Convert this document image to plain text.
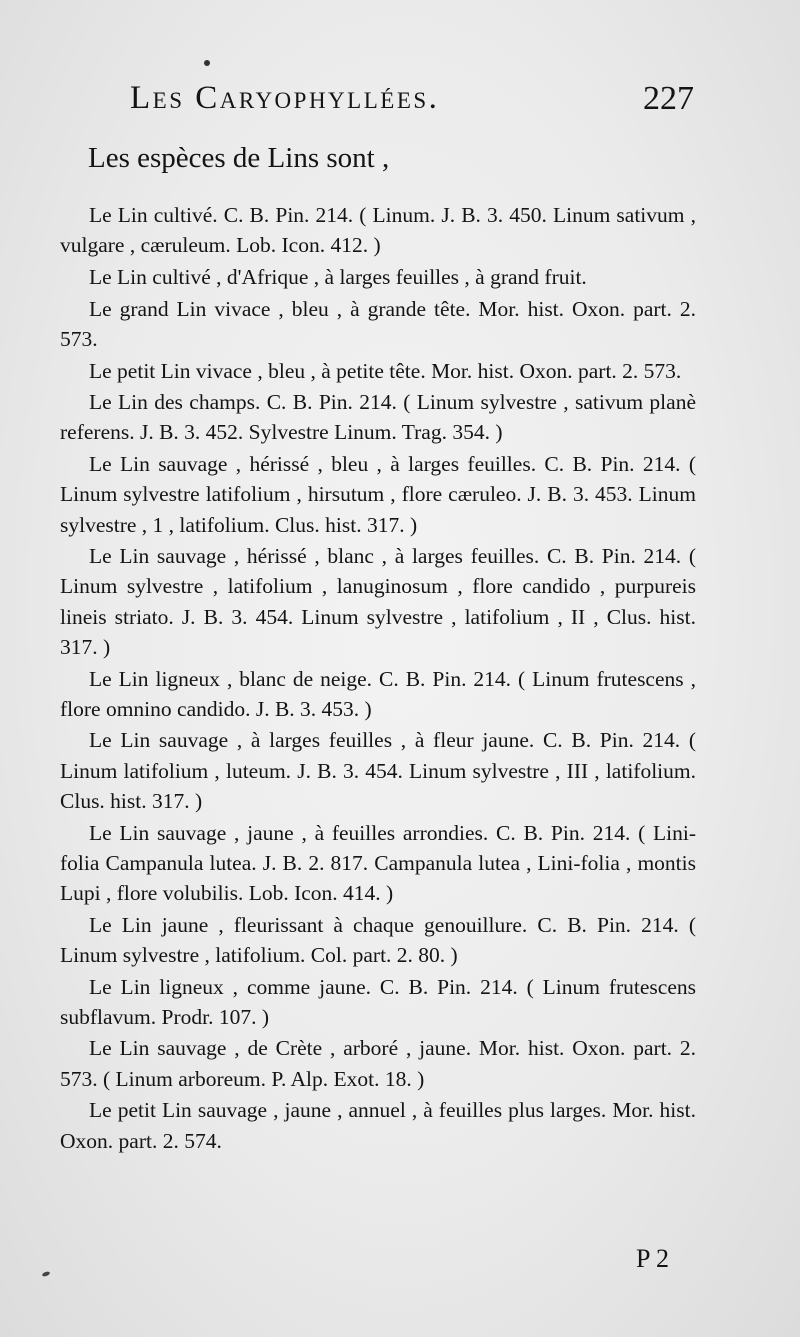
Les Caryophyllées.	227
Les espèces de Lins sont ,

Le Lin cultivé. C. B. Pin. 214. ( Linum. J. B. 3. 450. Linum sativum , vulgare , cæruleum. Lob. Icon. 412. )

Le Lin cultivé , d'Afrique , à larges feuilles , à grand fruit.

Le grand Lin vivace , bleu , à grande tête. Mor. hist. Oxon. part. 2. 573.

Le petit Lin vivace , bleu , à petite tête. Mor. hist. Oxon. part. 2. 573.

Le Lin des champs. C. B. Pin. 214. ( Linum sylvestre , sativum planè referens. J. B. 3. 452. Sylvestre Linum. Trag. 354. )

Le Lin sauvage , hérissé , bleu , à larges feuilles. C. B. Pin. 214. ( Linum sylvestre latifolium , hirsutum , flore cæruleo. J. B. 3. 453. Linum sylvestre , 1 , latifolium. Clus. hist. 317. )

Le Lin sauvage , hérissé , blanc , à larges feuilles. C. B. Pin. 214. ( Linum sylvestre , latifolium , lanuginosum , flore candido , purpureis lineis striato. J. B. 3. 454. Linum sylvestre , latifolium , II , Clus. hist. 317. )

Le Lin ligneux , blanc de neige. C. B. Pin. 214. ( Linum frutescens , flore omnino candido. J. B. 3. 453. )

Le Lin sauvage , à larges feuilles , à fleur jaune. C. B. Pin. 214. ( Linum latifolium , luteum. J. B. 3. 454. Linum sylvestre , III , latifolium. Clus. hist. 317. )

Le Lin sauvage , jaune , à feuilles arrondies. C. B. Pin. 214. ( Lini-folia Campanula lutea. J. B. 2. 817. Campanula lutea , Lini-folia , montis Lupi , flore volubilis. Lob. Icon. 414. )

Le Lin jaune , fleurissant à chaque genouillure. C. B. Pin. 214. ( Linum sylvestre , latifolium. Col. part. 2. 80. )

Le Lin ligneux , comme jaune. C. B. Pin. 214. ( Linum frutescens subflavum. Prodr. 107. )

Le Lin sauvage , de Crète , arboré , jaune. Mor. hist. Oxon. part. 2. 573. ( Linum arboreum. P. Alp. Exot. 18. )

Le petit Lin sauvage , jaune , annuel , à feuilles plus larges. Mor. hist. Oxon. part. 2. 574.

P 2
